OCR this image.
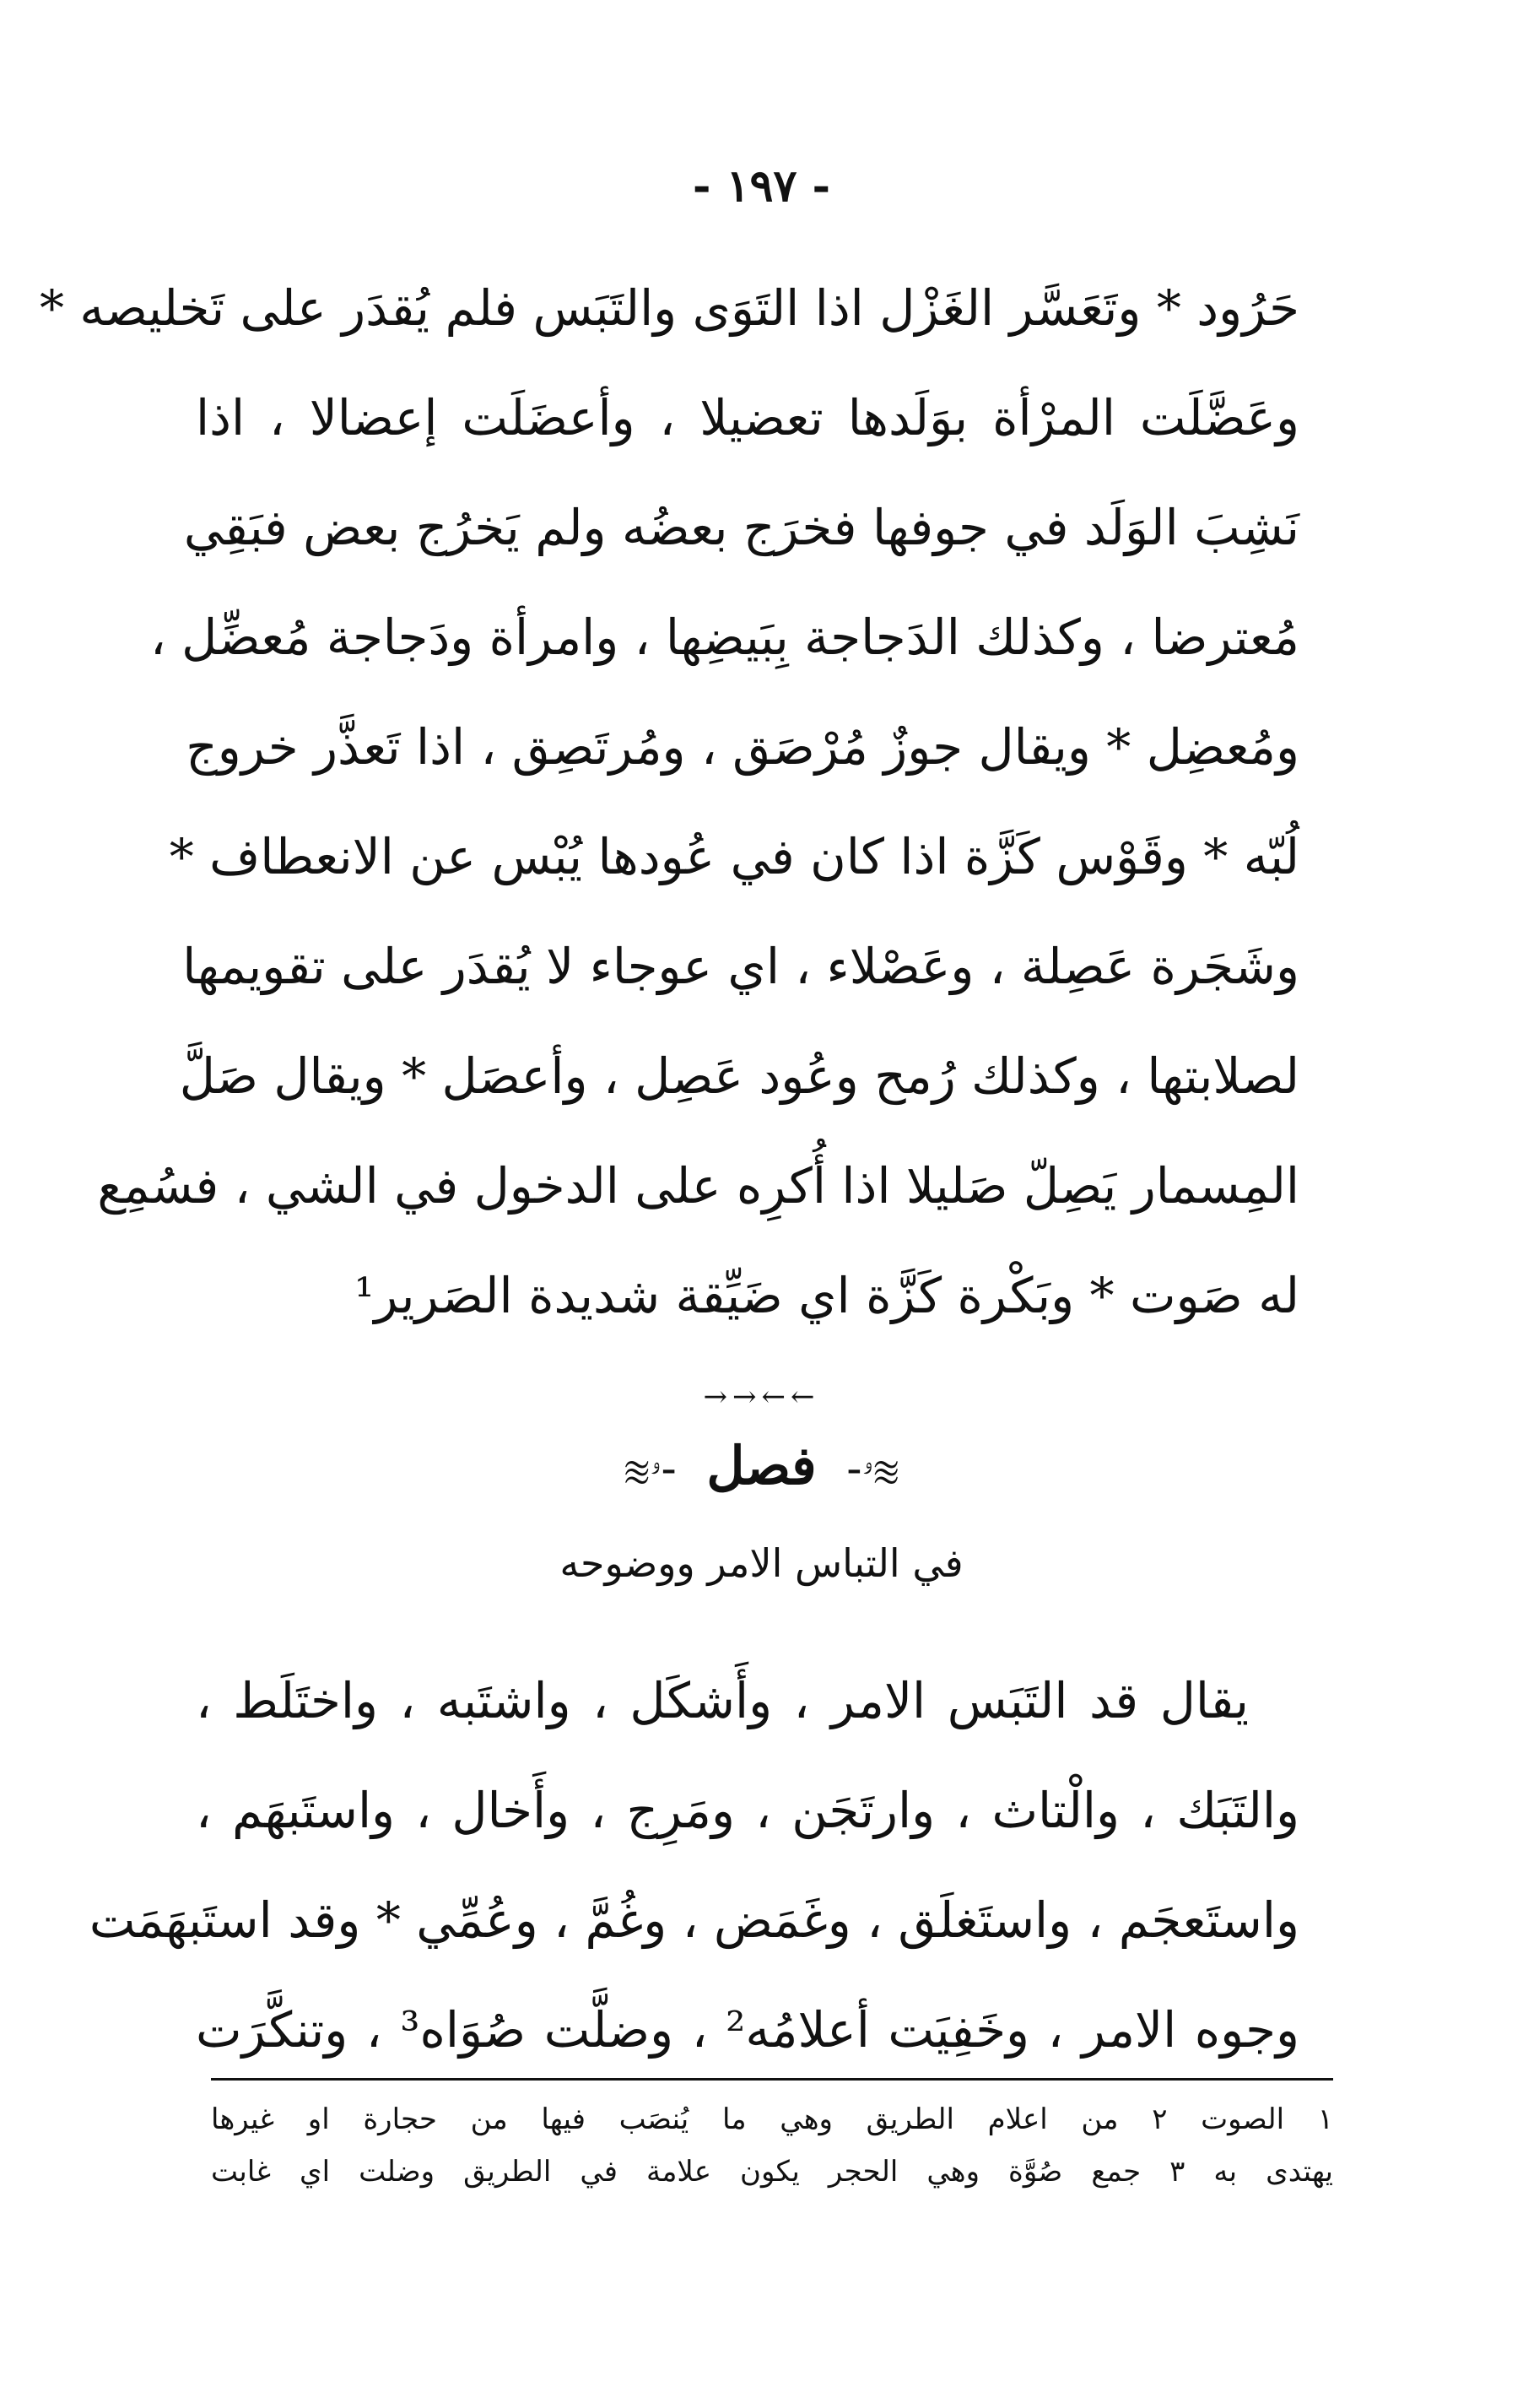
- ١٩٧ -
حَرُود * وتَعَسَّر الغَزْل اذا التَوَى والتَبَس فلم يُقدَر على تَخليصه *
وعَضَّلَت المرْأة بوَلَدها تعضيلا ، وأعضَلَت إعضالا ، اذا
نَشِبَ الوَلَد في جوفها فخرَج بعضُه ولم يَخرُج بعض فبَقِي
مُعترضا ، وكذلك الدَجاجة بِبَيضِها ، وامرأة ودَجاجة مُعضِّل ،
ومُعضِل * ويقال جوزٌ مُرْصَق ، ومُرتَصِق ، اذا تَعذَّر خروج
لُبّه * وقَوْس كَزَّة اذا كان في عُودها يُبْس عن الانعطاف *
وشَجَرة عَصِلة ، وعَصْلاء ، اي عوجاء لا يُقدَر على تقويمها
لصلابتها ، وكذلك رُمح وعُود عَصِل ، وأعصَل * ويقال صَلَّ
المِسمار يَصِلّ صَليلا اذا أُكرِه على الدخول في الشي ، فسُمِع
له صَوت * وبَكْرة كَزَّة اي ضَيِّقة شديدة الصَرير¹
→→←←
≋ۥ- فصل -ۥ≋
في التباس الامر ووضوحه
يقال قد التَبَس الامر ، وأَشكَل ، واشتَبه ، واختَلَط ،
والتَبَك ، والْتاث ، وارتَجَن ، ومَرِج ، وأَخال ، واستَبهَم ،
واستَعجَم ، واستَغلَق ، وغَمَض ، وغُمَّ ، وعُمِّي * وقد استَبهَمَت
وجوه الامر ، وخَفِيَت أعلامُه² ، وضلَّت صُوَاه³ ، وتنكَّرَت
١ الصوت ٢ من اعلام الطريق وهي ما يُنصَب فيها من حجارة او غيرها
يهتدى به ٣ جمع صُوَّة وهي الحجر يكون علامة في الطريق وضلت اي غابت
